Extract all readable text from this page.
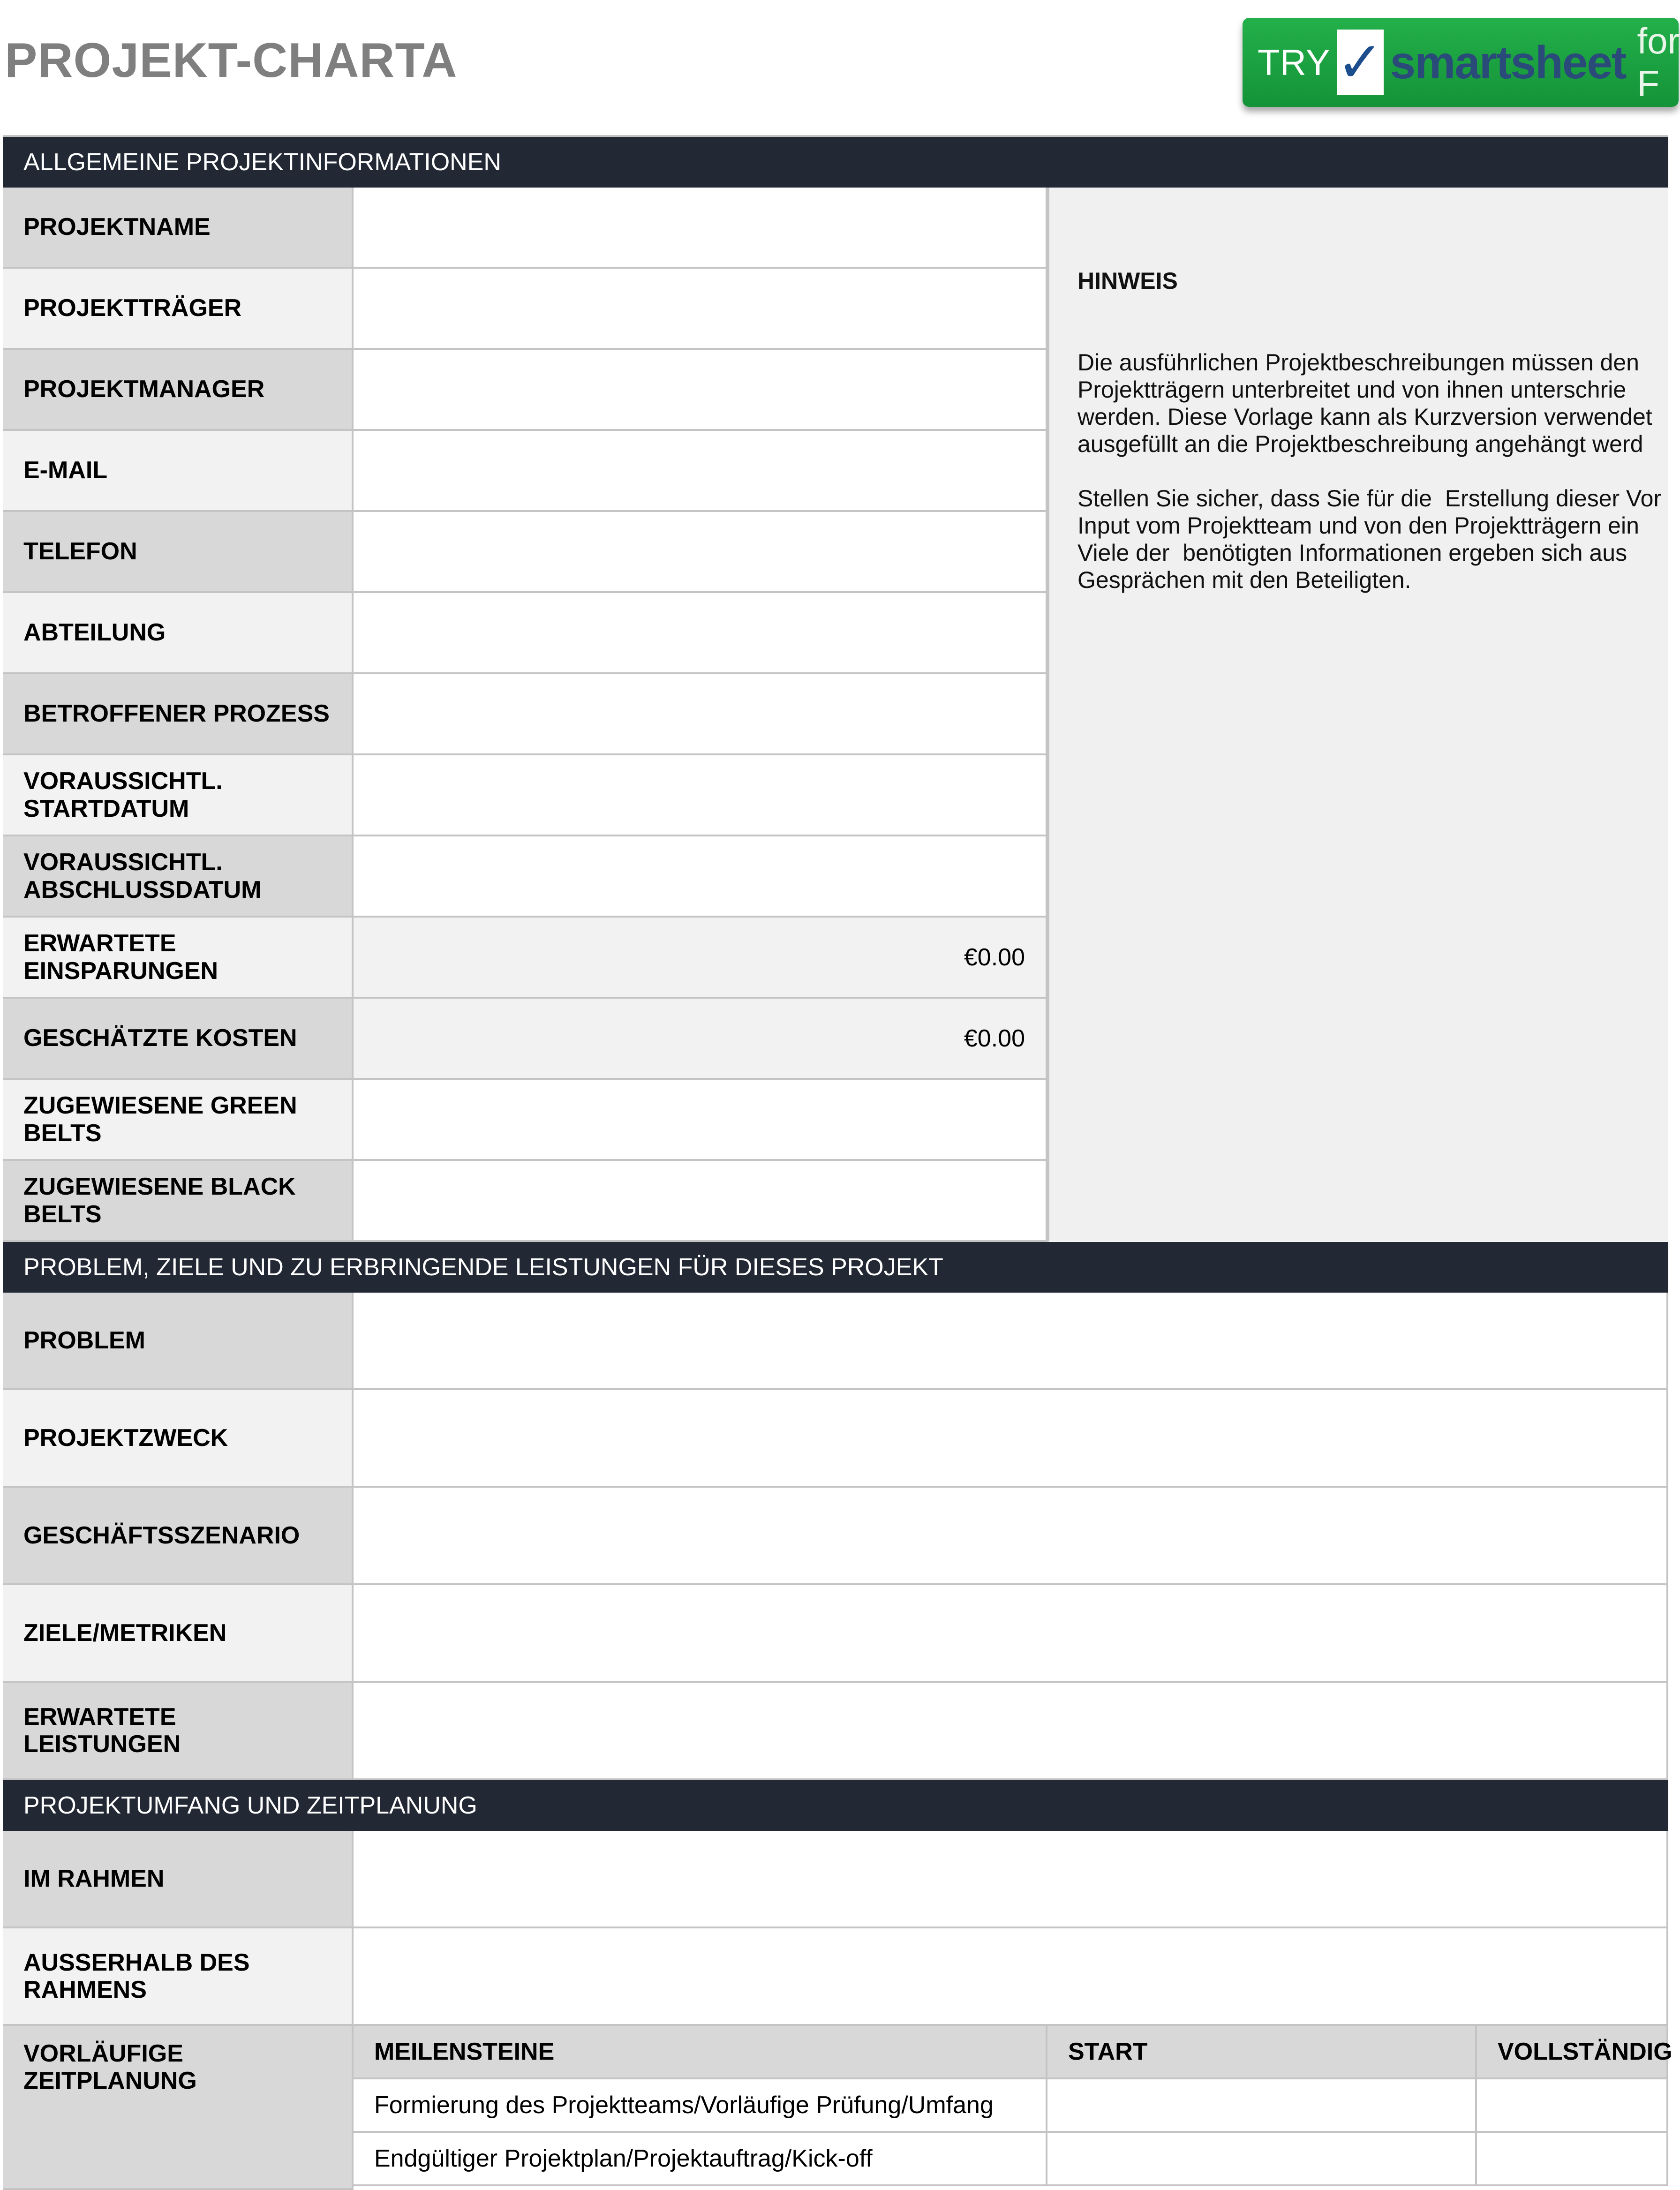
PROJEKT-CHARTA	TRY ✓ smartsheet for F
ALLGEMEINE PROJEKTINFORMATIONEN
PROJEKTNAME
PROJEKTTRÄGER
PROJEKTMANAGER
E-MAIL
TELEFON
ABTEILUNG
BETROFFENER PROZESS
VORAUSSICHTL. STARTDATUM
VORAUSSICHTL. ABSCHLUSSDATUM
ERWARTETE EINSPARUNGEN	€0.00
GESCHÄTZTE KOSTEN	€0.00
ZUGEWIESENE GREEN BELTS
ZUGEWIESENE BLACK BELTS
PROBLEM, ZIELE UND ZU ERBRINGENDE LEISTUNGEN FÜR DIESES PROJEKT
PROBLEM
PROJEKTZWECK
GESCHÄFTSSZENARIO
ZIELE/METRIKEN
ERWARTETE LEISTUNGEN
PROJEKTUMFANG UND ZEITPLANUNG
IM RAHMEN
AUSSERHALB DES RAHMENS
VORLÄUFIGE ZEITPLANUNG
MEILENSTEINE	START	VOLLSTÄNDIG
Formierung des Projektteams/Vorläufige Prüfung/Umfang
Endgültiger Projektplan/Projektauftrag/Kick-off

HINWEIS

Die ausführlichen Projektbeschreibungen müssen den
Projektträgern unterbreitet und von ihnen unterschrie
werden. Diese Vorlage kann als Kurzversion verwendet
ausgefüllt an die Projektbeschreibung angehängt werd

Stellen Sie sicher, dass Sie für die  Erstellung dieser Vor
Input vom Projektteam und von den Projektträgern ein
Viele der  benötigten Informationen ergeben sich aus
Gesprächen mit den Beteiligten.
